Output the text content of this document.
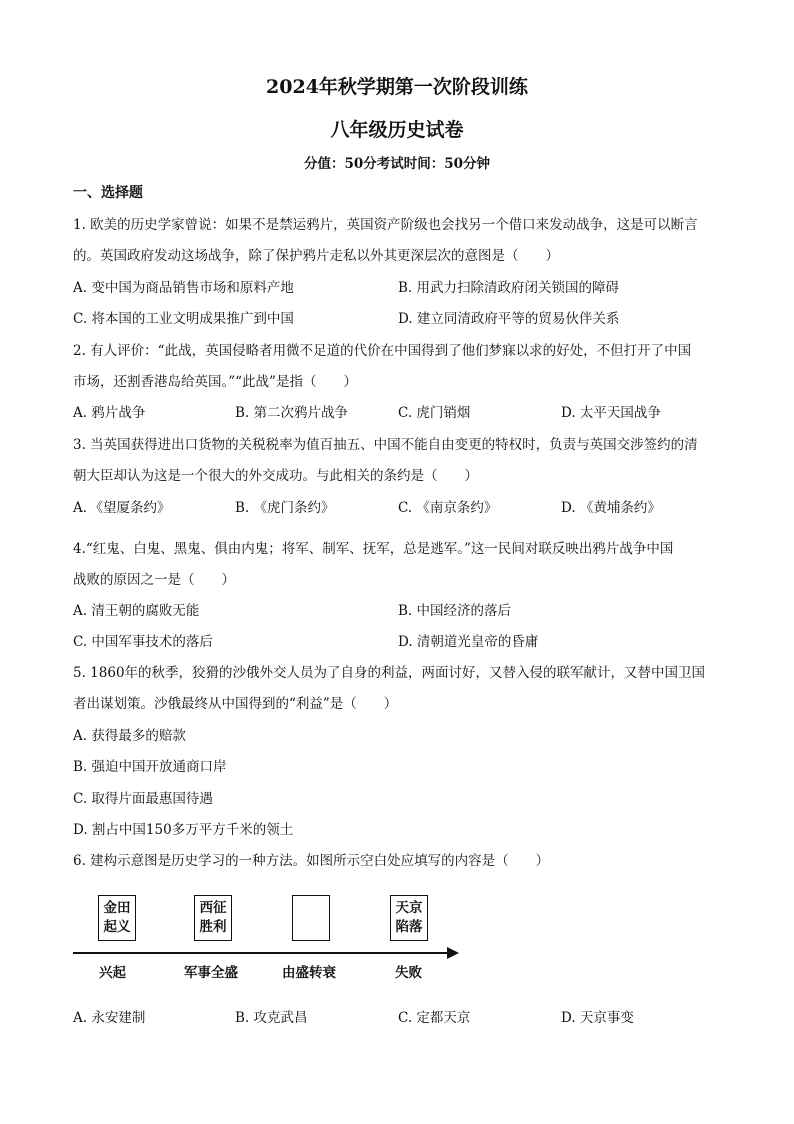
2024年秋学期第一次阶段训练
八年级历史试卷
分值：50分考试时间：50分钟
一、选择题
1. 欧美的历史学家曾说：如果不是禁运鸦片，英国资产阶级也会找另一个借口来发动战争，这是可以断言
的。英国政府发动这场战争，除了保护鸦片走私以外其更深层次的意图是（　　）
A. 变中国为商品销售市场和原料产地	B. 用武力扫除清政府闭关锁国的障碍
C. 将本国的工业文明成果推广到中国	D. 建立同清政府平等的贸易伙伴关系
2. 有人评价：“此战，英国侵略者用微不足道的代价在中国得到了他们梦寐以求的好处，不但打开了中国
市场，还割香港岛给英国。”“此战”是指（　　）
A. 鸦片战争	B. 第二次鸦片战争	C. 虎门销烟	D. 太平天国战争
3. 当英国获得进出口货物的关税税率为值百抽五、中国不能自由变更的特权时，负责与英国交涉签约的清
朝大臣却认为这是一个很大的外交成功。与此相关的条约是（　　）
A．《望厦条约》	B. 《虎门条约》	C. 《南京条约》	D. 《黄埔条约》
4.“红鬼、白鬼、黑鬼、俱由内鬼；将军、制军、抚军，总是逃军。”这一民间对联反映出鸦片战争中国
战败的原因之一是（　　）
A. 清王朝的腐败无能	B. 中国经济的落后
C. 中国军事技术的落后	D. 清朝道光皇帝的昏庸
5. 1860年的秋季，狡猾的沙俄外交人员为了自身的利益，两面讨好，又替入侵的联军献计，又替中国卫国
者出谋划策。沙俄最终从中国得到的“利益”是（　　）
A. 获得最多的赔款
B. 强迫中国开放通商口岸
C. 取得片面最惠国待遇
D. 割占中国150多万平方千米的领土
6. 建构示意图是历史学习的一种方法。如图所示空白处应填写的内容是（　　）
金田
起义
西征
胜利
天京
陷落
兴起	军事全盛	由盛转衰	失败
A. 永安建制	B. 攻克武昌	C. 定都天京	D. 天京事变
